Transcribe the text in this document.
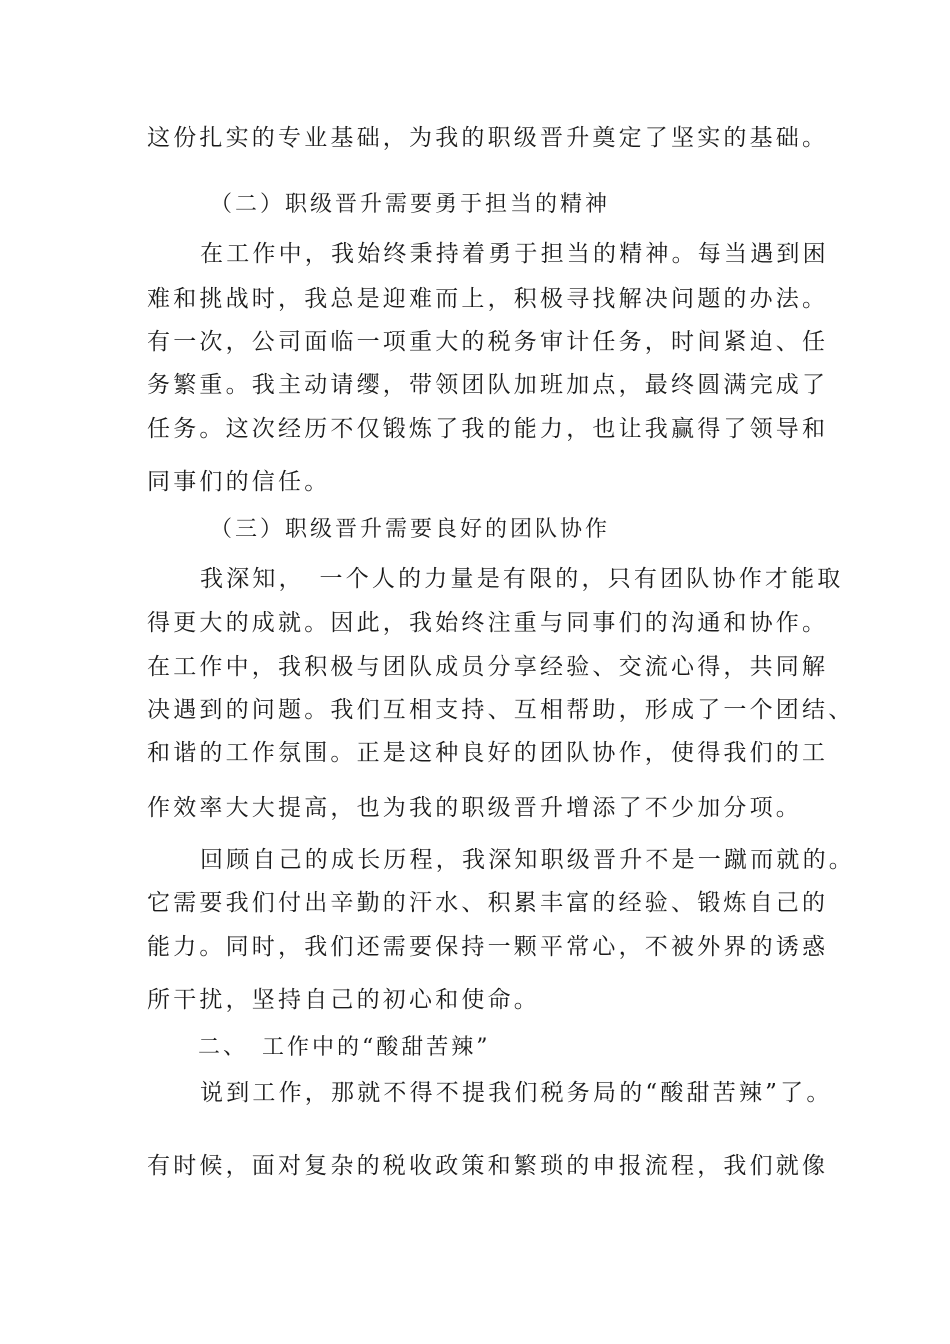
这份扎实的专业基础，为我的职级晋升奠定了坚实的基础。
（二）职级晋升需要勇于担当的精神
在工作中，我始终秉持着勇于担当的精神。每当遇到困
难和挑战时，我总是迎难而上，积极寻找解决问题的办法。
有一次，公司面临一项重大的税务审计任务，时间紧迫、任
务繁重。我主动请缨，带领团队加班加点，最终圆满完成了
任务。这次经历不仅锻炼了我的能力，也让我赢得了领导和
同事们的信任。
（三）职级晋升需要良好的团队协作
我深知，　一个人的力量是有限的，只有团队协作才能取
得更大的成就。因此，我始终注重与同事们的沟通和协作。
在工作中，我积极与团队成员分享经验、交流心得，共同解
决遇到的问题。我们互相支持、互相帮助，形成了一个团结、
和谐的工作氛围。正是这种良好的团队协作，使得我们的工
作效率大大提高，也为我的职级晋升增添了不少加分项。
回顾自己的成长历程，我深知职级晋升不是一蹴而就的。
它需要我们付出辛勤的汗水、积累丰富的经验、锻炼自己的
能力。同时，我们还需要保持一颗平常心，不被外界的诱惑
所干扰，坚持自己的初心和使命。
二、　工作中的“酸甜苦辣”
说到工作，那就不得不提我们税务局的“酸甜苦辣”了。
有时候，面对复杂的税收政策和繁琐的申报流程，我们就像
